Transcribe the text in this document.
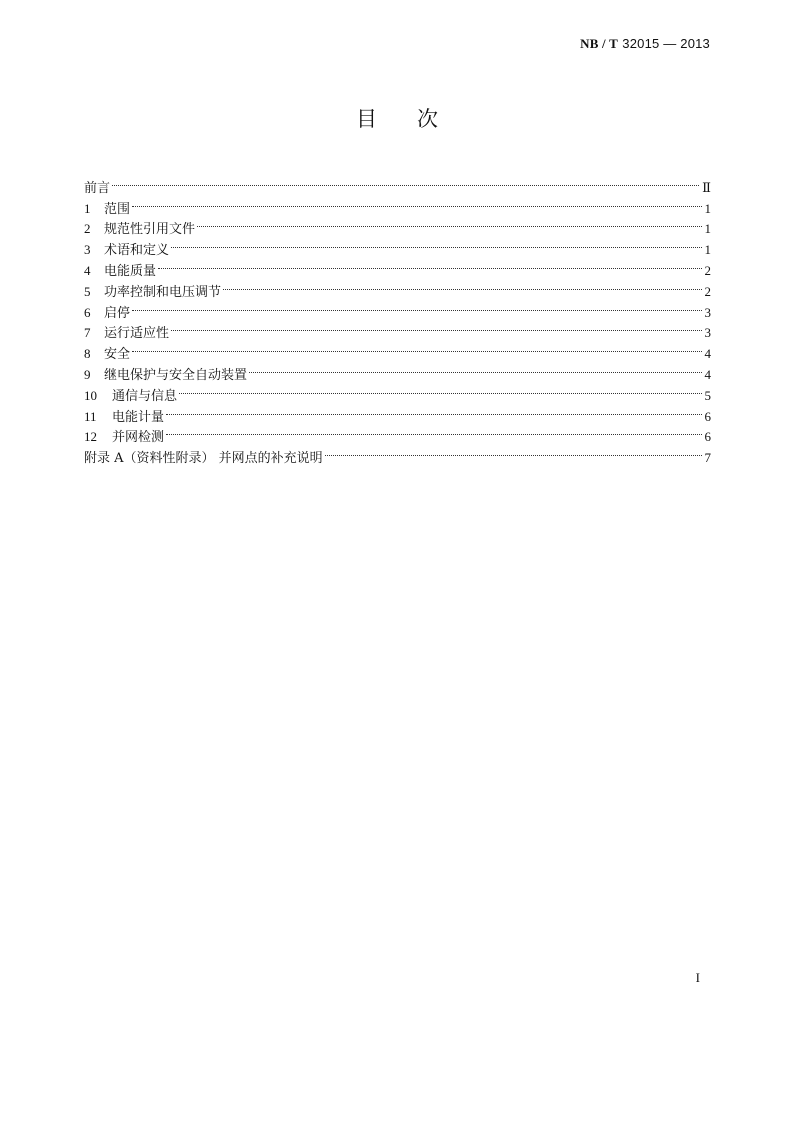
NB / T 32015 — 2013
目 次
前言	Ⅱ
1	范围	1
2	规范性引用文件	1
3	术语和定义	1
4	电能质量	2
5	功率控制和电压调节	2
6	启停	3
7	运行适应性	3
8	安全	4
9	继电保护与安全自动装置	4
10	通信与信息	5
11	电能计量	6
12	并网检测	6
附录 A（资料性附录） 并网点的补充说明	7
I
